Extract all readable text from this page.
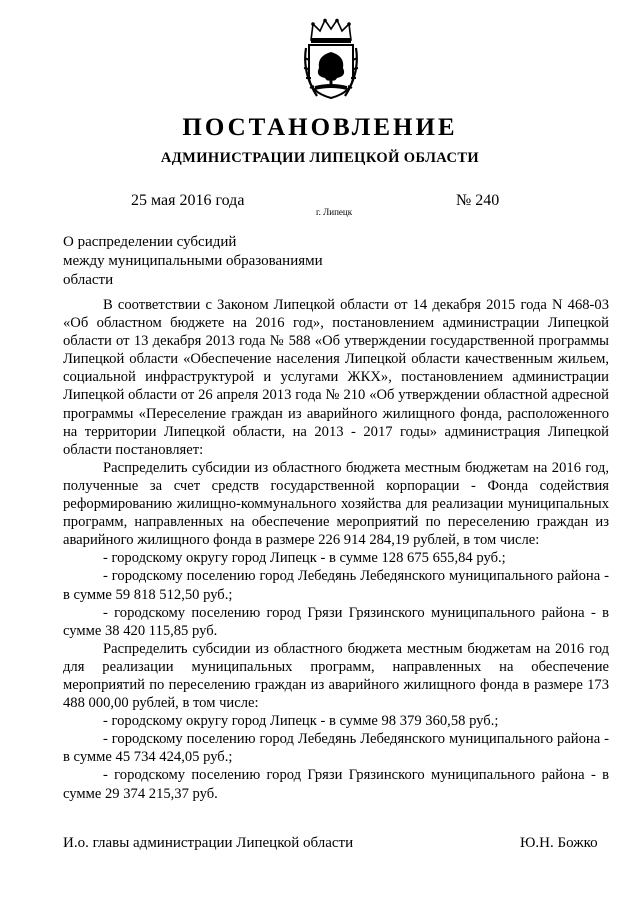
ПОСТАНОВЛЕНИЕ
АДМИНИСТРАЦИИ ЛИПЕЦКОЙ ОБЛАСТИ
25 мая 2016 года
г. Липецк
№ 240
О распределении субсидий
между муниципальными образованиями
области

В соответствии с Законом Липецкой области от 14 декабря 2015 года N 468-03 «Об областном бюджете на 2016 год», постановлением администрации Липецкой области от 13 декабря 2013 года № 588 «Об утверждении государственной программы Липецкой области «Обеспечение населения Липецкой области качественным жильем, социальной инфраструктурой и услугами ЖКХ», постановлением администрации Липецкой области от 26 апреля 2013 года № 210 «Об утверждении областной адресной программы «Переселение граждан из аварийного жилищного фонда, расположенного на территории Липецкой области, на 2013 - 2017 годы» администрация Липецкой области постановляет:

Распределить субсидии из областного бюджета местным бюджетам на 2016 год, полученные за счет средств государственной корпорации - Фонда содействия реформированию жилищно-коммунального хозяйства для реализации муниципальных программ, направленных на обеспечение мероприятий по переселению граждан из аварийного жилищного фонда в размере 226 914 284,19 рублей, в том числе:

- городскому округу город Липецк - в сумме 128 675 655,84 руб.;

- городскому поселению город Лебедянь Лебедянского муниципального района - в сумме 59 818 512,50 руб.;

- городскому поселению город Грязи Грязинского муниципального района - в сумме 38 420 115,85 руб.

Распределить субсидии из областного бюджета местным бюджетам на 2016 год для реализации муниципальных программ, направленных на обеспечение мероприятий по переселению граждан из аварийного жилищного фонда в размере 173 488 000,00 рублей, в том числе:

- городскому округу город Липецк - в сумме 98 379 360,58 руб.;

- городскому поселению город Лебедянь Лебедянского муниципального района - в сумме 45 734 424,05 руб.;

- городскому поселению город Грязи Грязинского муниципального района - в сумме 29 374 215,37 руб.

И.о. главы администрации Липецкой области	Ю.Н. Божко
